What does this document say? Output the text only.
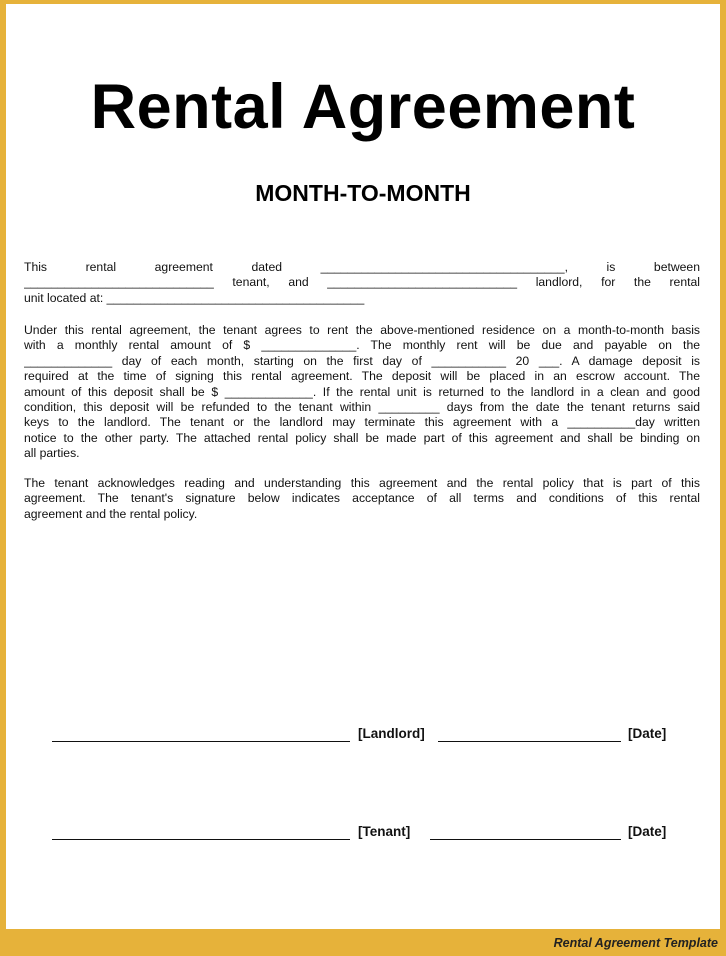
Rental Agreement
MONTH-TO-MONTH
This rental agreement dated ____________________________________, is between
____________________________ tenant, and ____________________________ landlord, for the rental
unit located at: ______________________________________
Under this rental agreement, the tenant agrees to rent the above-mentioned residence on a month-to-month basis
with a monthly rental amount of $ ______________. The monthly rent will be due and payable on the
_____________ day of each month, starting on the first day of ___________ 20 ___. A damage deposit is
required at the time of signing this rental agreement. The deposit will be placed in an escrow account. The
amount of this deposit shall be $ _____________. If the rental unit is returned to the landlord in a clean and good
condition, this deposit will be refunded to the tenant within _________ days from the date the tenant returns said
keys to the landlord. The tenant or the landlord may terminate this agreement with a __________day written
notice to the other party. The attached rental policy shall be made part of this agreement and shall be binding on
all parties.
The tenant acknowledges reading and understanding this agreement and the rental policy that is part of this
agreement. The tenant's signature below indicates acceptance of all terms and conditions of this rental
agreement and the rental policy.
[Landlord]	[Date]
[Tenant]	[Date]
Rental Agreement Template
